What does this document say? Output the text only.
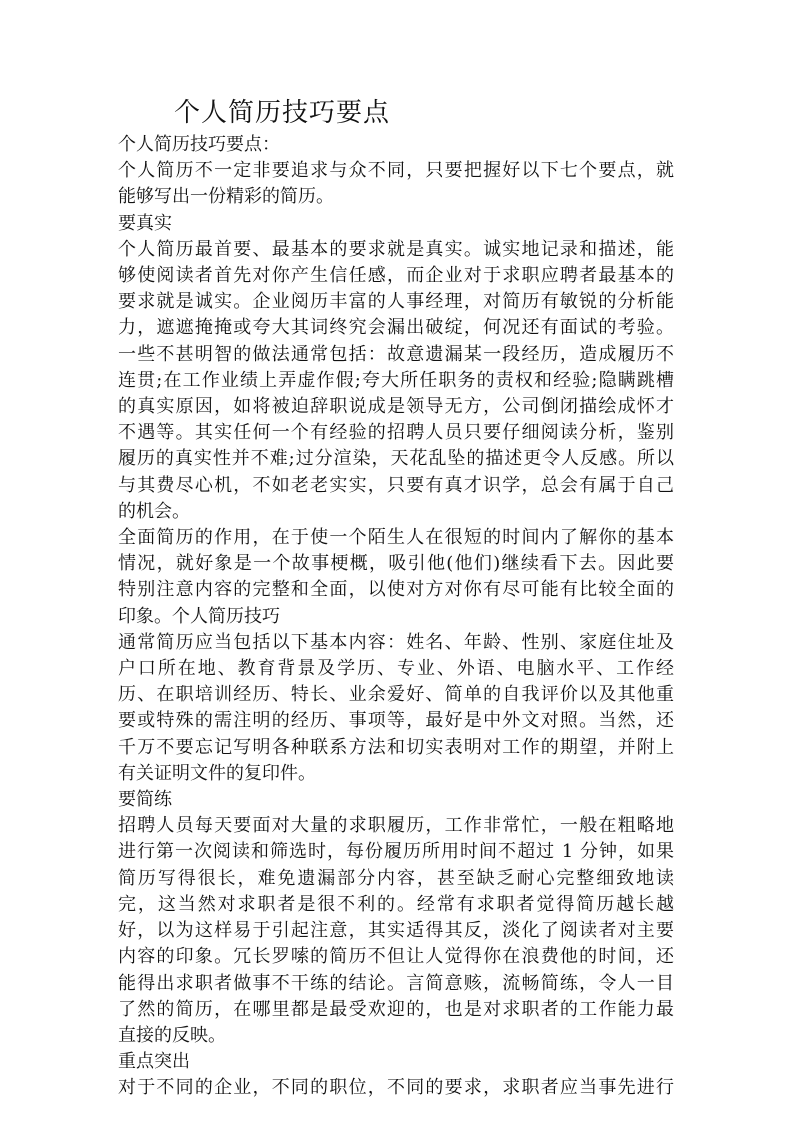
个人简历技巧要点

个人简历技巧要点：

个人简历不一定非要追求与众不同，只要把握好以下七个要点，就

能够写出一份精彩的简历。

要真实

个人简历最首要、最基本的要求就是真实。诚实地记录和描述，能

够使阅读者首先对你产生信任感，而企业对于求职应聘者最基本的

要求就是诚实。企业阅历丰富的人事经理，对简历有敏锐的分析能

力，遮遮掩掩或夸大其词终究会漏出破绽，何况还有面试的考验。

一些不甚明智的做法通常包括：故意遗漏某一段经历，造成履历不

连贯;在工作业绩上弄虚作假;夸大所任职务的责权和经验;隐瞒跳槽

的真实原因，如将被迫辞职说成是领导无方，公司倒闭描绘成怀才

不遇等。其实任何一个有经验的招聘人员只要仔细阅读分析，鉴别

履历的真实性并不难;过分渲染，天花乱坠的描述更令人反感。所以

与其费尽心机，不如老老实实，只要有真才识学，总会有属于自己

的机会。

全面简历的作用，在于使一个陌生人在很短的时间内了解你的基本

情况，就好象是一个故事梗概，吸引他(他们)继续看下去。因此要

特别注意内容的完整和全面，以使对方对你有尽可能有比较全面的

印象。个人简历技巧

通常简历应当包括以下基本内容：姓名、年龄、性别、家庭住址及

户口所在地、教育背景及学历、专业、外语、电脑水平、工作经

历、在职培训经历、特长、业余爱好、简单的自我评价以及其他重

要或特殊的需注明的经历、事项等，最好是中外文对照。当然，还

千万不要忘记写明各种联系方法和切实表明对工作的期望，并附上

有关证明文件的复印件。

要简练

招聘人员每天要面对大量的求职履历，工作非常忙，一般在粗略地

进行第一次阅读和筛选时，每份履历所用时间不超过 1 分钟，如果

简历写得很长，难免遗漏部分内容，甚至缺乏耐心完整细致地读

完，这当然对求职者是很不利的。经常有求职者觉得简历越长越

好，以为这样易于引起注意，其实适得其反，淡化了阅读者对主要

内容的印象。冗长罗嗦的简历不但让人觉得你在浪费他的时间，还

能得出求职者做事不干练的结论。言简意赅，流畅简练，令人一目

了然的简历，在哪里都是最受欢迎的，也是对求职者的工作能力最

直接的反映。

重点突出

对于不同的企业，不同的职位，不同的要求，求职者应当事先进行
